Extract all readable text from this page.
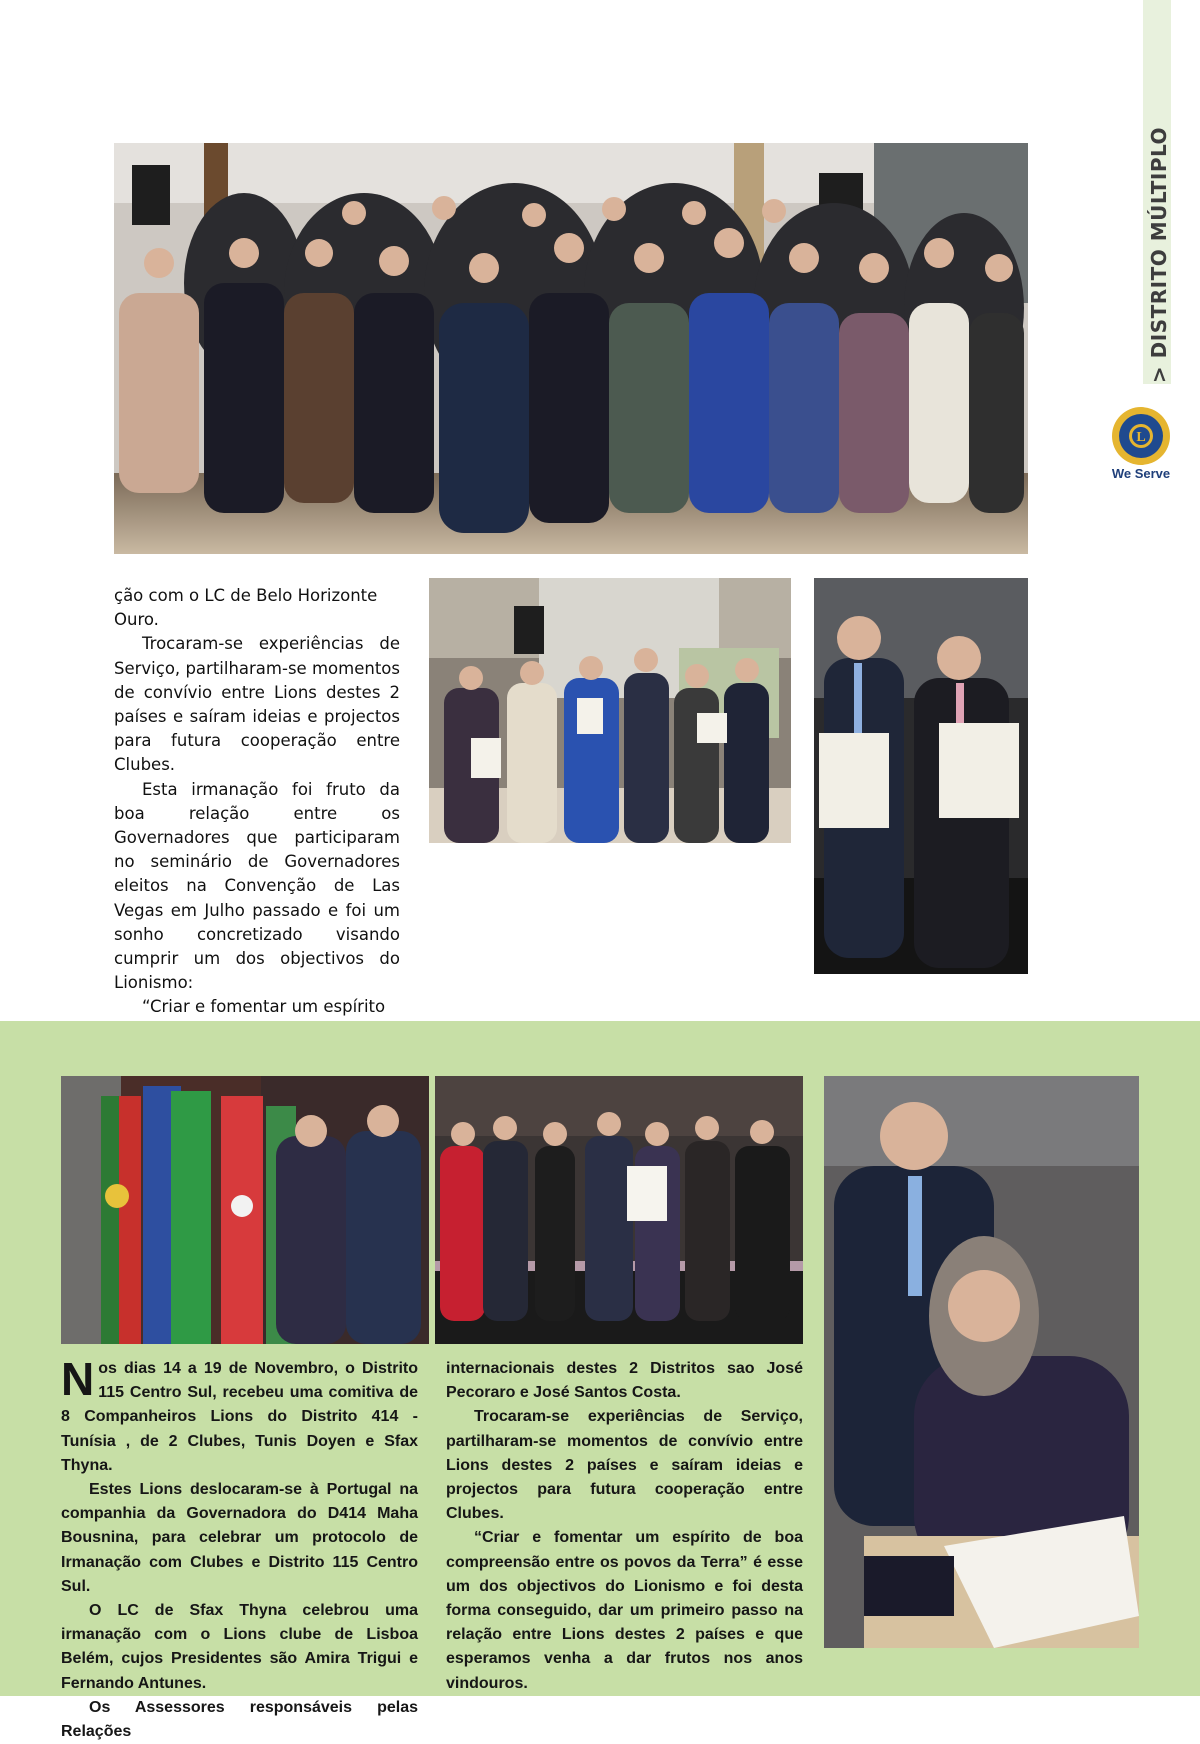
> DISTRITO MÚLTIPLO
L
We Serve

ção com o LC de Belo Horizonte Ouro.

Trocaram-se experiências de Serviço, partilharam-se momentos de convívio entre Lions destes 2 países e saíram ideias e projectos para futura cooperação entre Clubes.

Esta irmanação foi fruto da boa relação entre os Governadores que participaram no seminário de Governadores eleitos na Convenção de Las Vegas em Julho passado e foi um sonho concretizado visando cumprir um dos objectivos do Lionismo:

“Criar e fomentar um espírito

Nos dias 14 a 19 de Novembro, o Distrito 115 Centro Sul, recebeu uma comitiva de 8 Companheiros Lions do Distrito 414 - Tunísia , de 2 Clubes, Tunis Doyen e Sfax Thyna.

Estes Lions deslocaram-se à Portugal na companhia da Governadora do D414 Maha Bousnina, para celebrar um protocolo de Irmanação com Clubes e Distrito 115 Centro Sul.

O LC de Sfax Thyna celebrou uma irmanação com o Lions clube de Lisboa Belém, cujos Presidentes são Amira Trigui e Fernando Antunes.

Os Assessores responsáveis pelas Relações

internacionais destes 2 Distritos sao José Pecoraro e José Santos Costa.

Trocaram-se experiências de Serviço, partilharam-se momentos de convívio entre Lions destes 2 países e saíram ideias e projectos para futura cooperação entre Clubes.

“Criar e fomentar um espírito de boa compreensão entre os povos da Terra” é esse um dos objectivos do Lionismo e foi desta forma conseguido, dar um primeiro passo na relação entre Lions destes 2 países e que esperamos venha a dar frutos nos anos vindouros.
